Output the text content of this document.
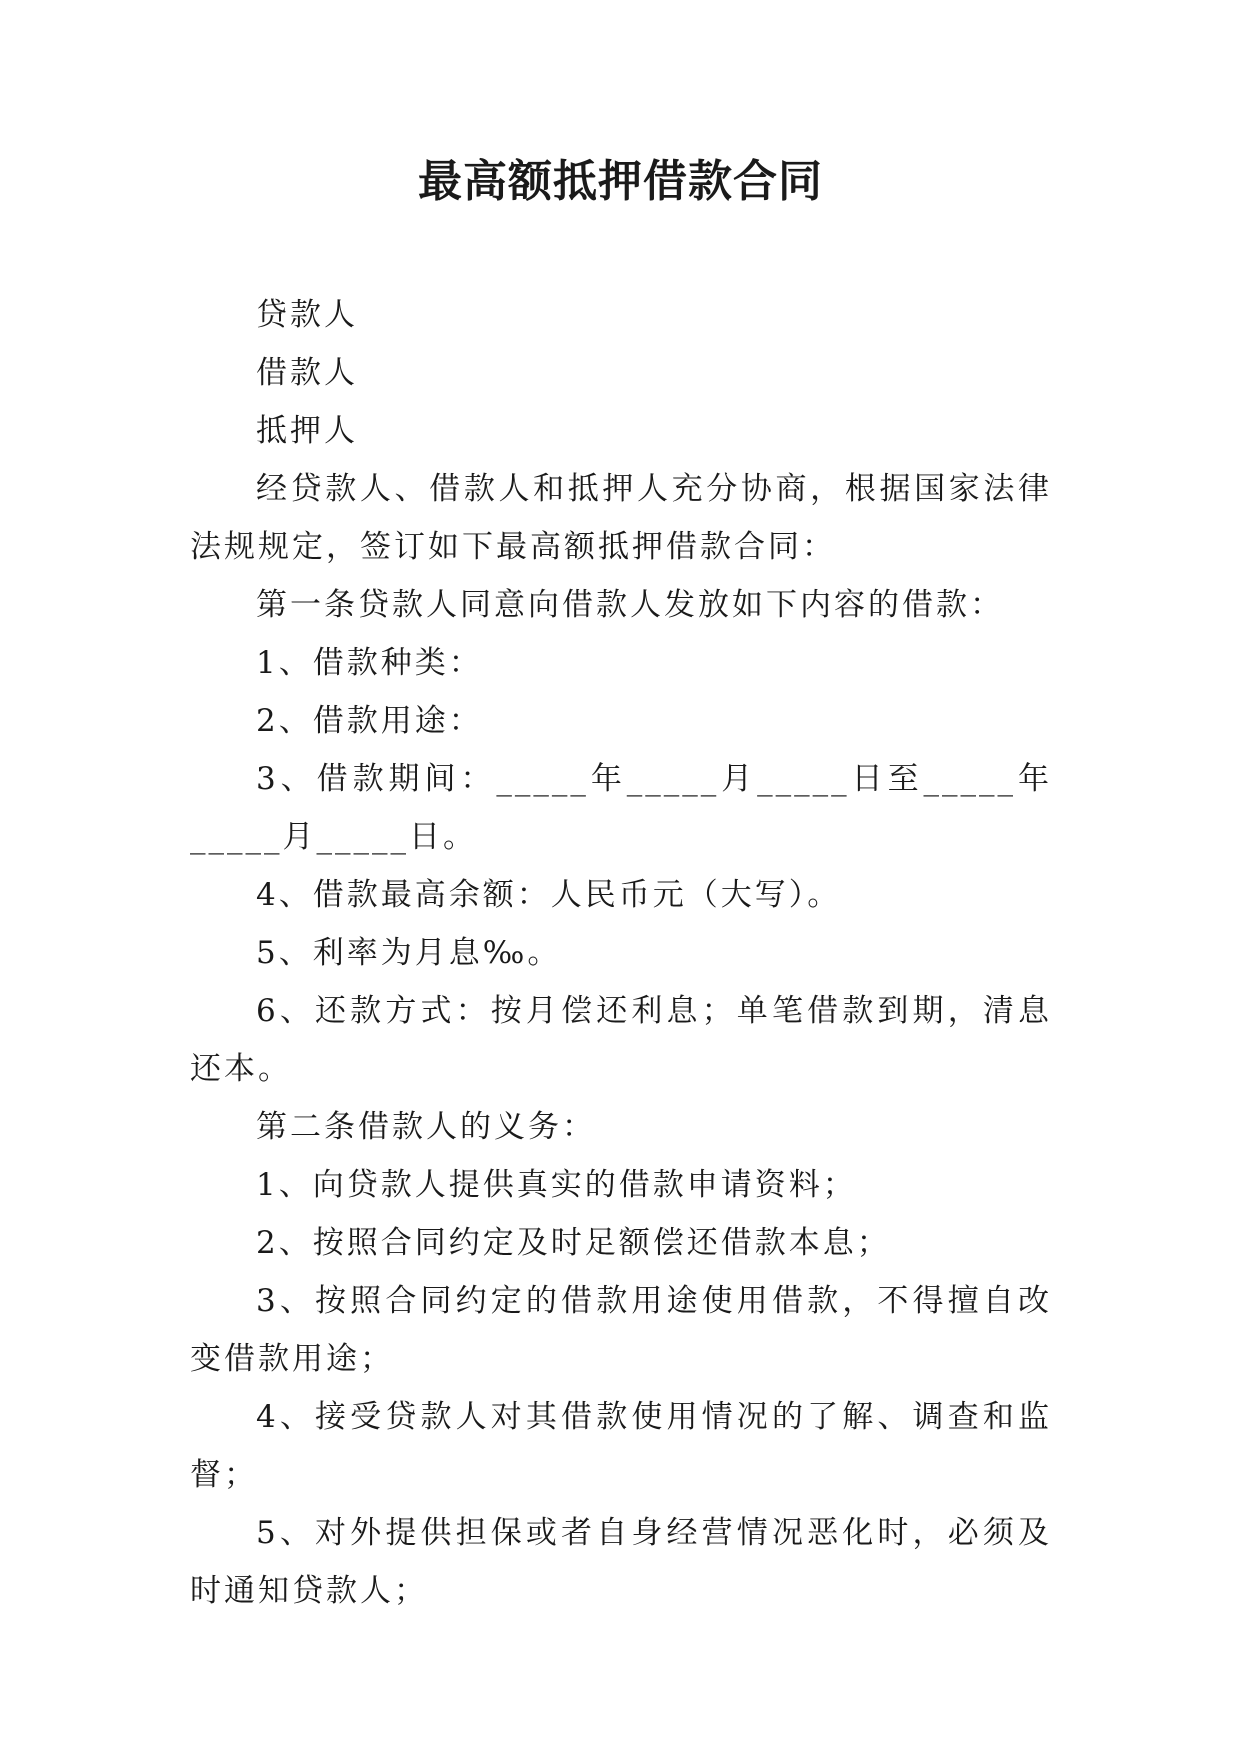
最高额抵押借款合同

贷款人

借款人

抵押人

经贷款人、借款人和抵押人充分协商，根据国家法律法规规定，签订如下最高额抵押借款合同：

第一条贷款人同意向借款人发放如下内容的借款：

1、借款种类：

2、借款用途：

3、借款期间：_____年_____月_____日至_____年_____月_____日。

4、借款最高余额：人民币元（大写）。

5、利率为月息‰。

6、还款方式：按月偿还利息；单笔借款到期，清息还本。

第二条借款人的义务：

1、向贷款人提供真实的借款申请资料；

2、按照合同约定及时足额偿还借款本息；

3、按照合同约定的借款用途使用借款，不得擅自改变借款用途；

4、接受贷款人对其借款使用情况的了解、调查和监督；

5、对外提供担保或者自身经营情况恶化时，必须及时通知贷款人；
